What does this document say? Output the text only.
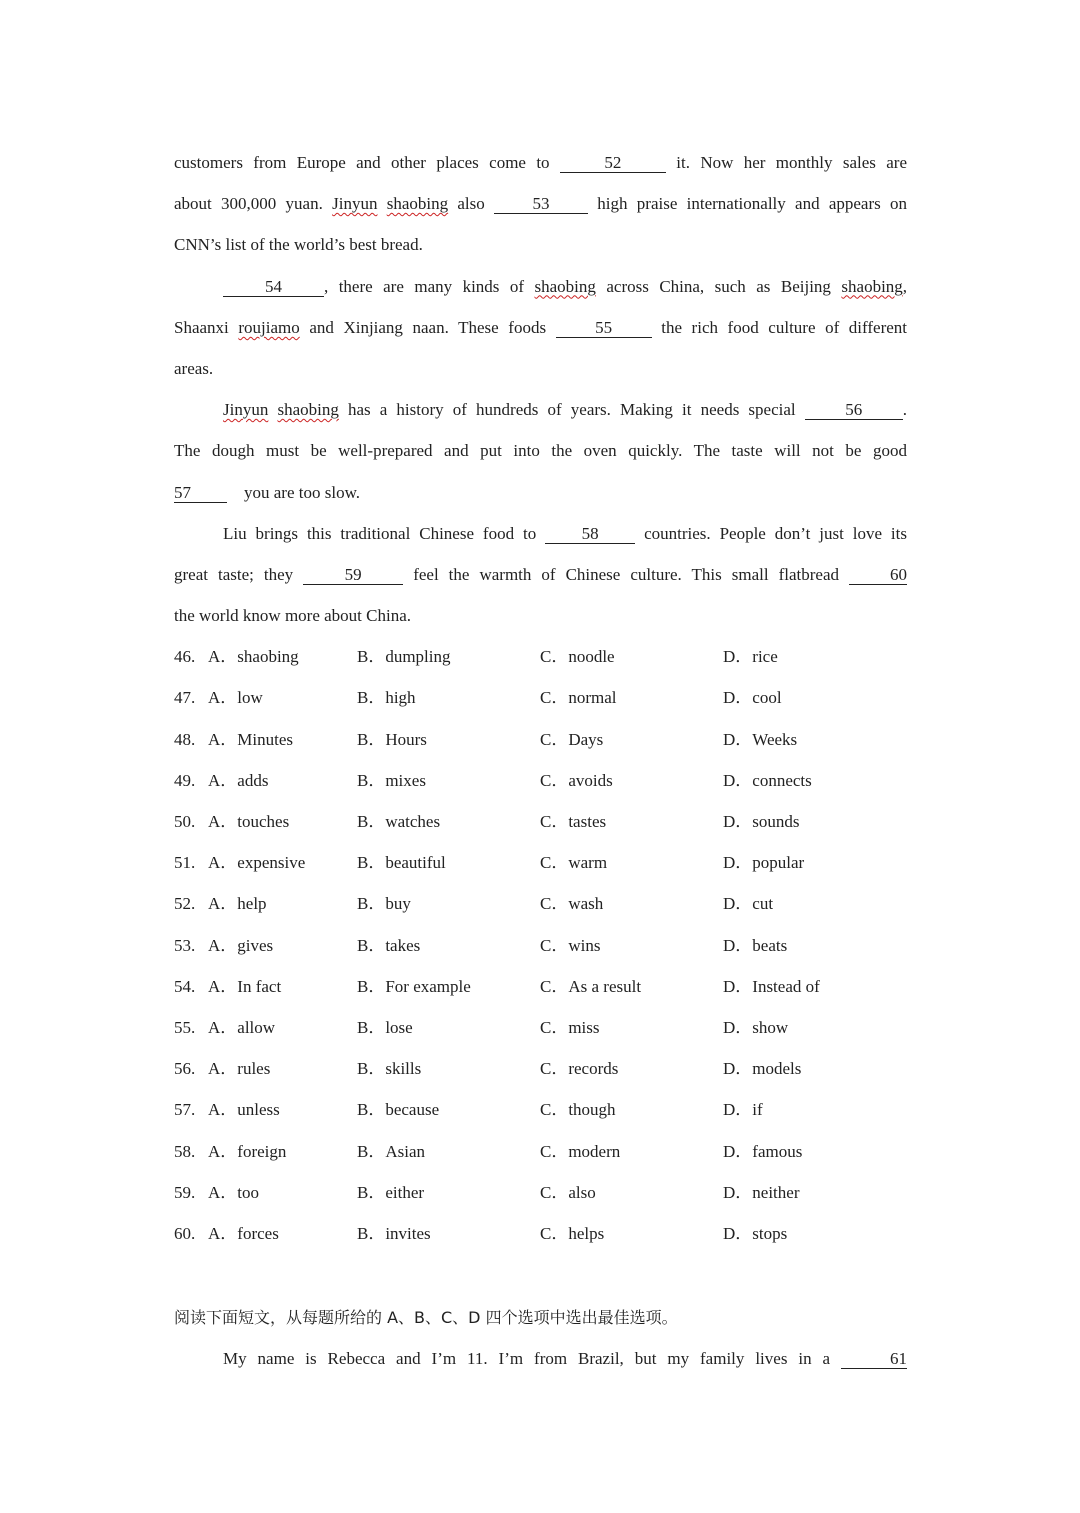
customers from Europe and other places come to	52	it. Now her monthly sales are
about 300,000 yuan. Jinyun shaobing also	53	high praise internationally and appears on
CNN’s list of the world’s best bread.
54 , there are many kinds of shaobing across China, such as Beijing shaobing,
Shaanxi roujiamo and Xinjiang naan. These foods	55	the rich food culture of different
areas.
Jinyun shaobing has a history of hundreds of years. Making it needs special	56 .
The dough must be well-prepared and put into the oven quickly. The taste will not be good
57	you are too slow.
Liu brings this traditional Chinese food to	58	countries. People don’t just love its
great taste; they	59	feel the warmth of Chinese culture. This small flatbread	60
the world know more about China.
46. A．shaobing	B．dumpling	C．noodle	D．rice
47. A．low	B．high	C．normal	D．cool
48. A．Minutes	B．Hours	C．Days	D．Weeks
49. A．adds	B．mixes	C．avoids	D．connects
50. A．touches	B．watches	C．tastes	D．sounds
51. A．expensive	B．beautiful	C．warm	D．popular
52. A．help	B．buy	C．wash	D．cut
53. A．gives	B．takes	C．wins	D．beats
54. A．In fact	B．For example	C．As a result	D．Instead of
55. A．allow	B．lose	C．miss	D．show
56. A．rules	B．skills	C．records	D．models
57. A．unless	B．because	C．though	D．if
58. A．foreign	B．Asian	C．modern	D．famous
59. A．too	B．either	C．also	D．neither
60. A．forces	B．invites	C．helps	D．stops
阅读下面短文，从每题所给的 A、B、C、D 四个选项中选出最佳选项。
My name is Rebecca and I’m 11. I’m from Brazil, but my family lives in a	61
